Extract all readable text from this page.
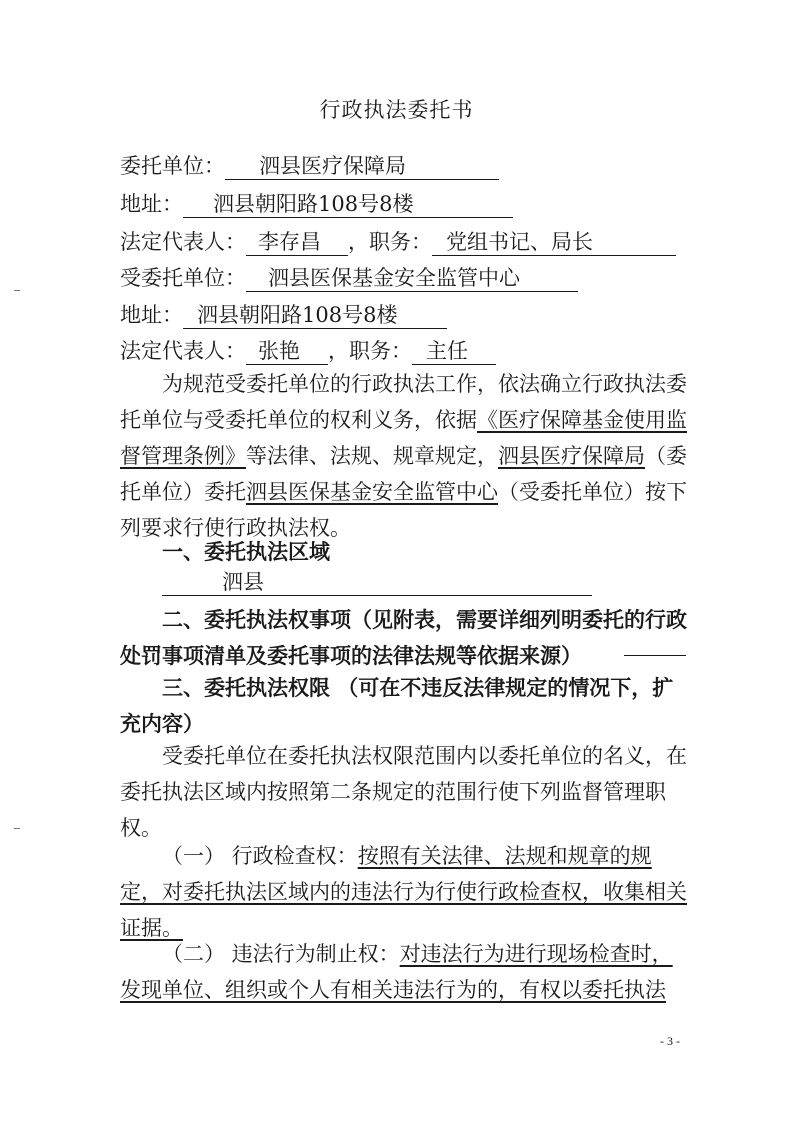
行政执法委托书
委托单位： 泗县医疗保障局
地址： 泗县朝阳路108号8楼
法定代表人： 李存昌 ，职务： 党组书记、局长
受委托单位： 泗县医保基金安全监管中心
地址： 泗县朝阳路108号8楼
法定代表人： 张艳 ，职务： 主任
为规范受委托单位的行政执法工作，依法确立行政执法委托单位与受委托单位的权利义务，依据《医疗保障基金使用监督管理条例》等法律、法规、规章规定，泗县医疗保障局（委托单位）委托泗县医保基金安全监管中心（受委托单位）按下列要求行使行政执法权。
一、委托执法区域
泗县
二、委托执法权事项（见附表，需要详细列明委托的行政处罚事项清单及委托事项的法律法规等依据来源）
三、委托执法权限 （可在不违反法律规定的情况下，扩充内容）
受委托单位在委托执法权限范围内以委托单位的名义，在委托执法区域内按照第二条规定的范围行使下列监督管理职权。
（一） 行政检查权：按照有关法律、法规和规章的规定，对委托执法区域内的违法行为行使行政检查权，收集相关证据。
（二） 违法行为制止权：对违法行为进行现场检查时，发现单位、组织或个人有相关违法行为的，有权以委托执法
- 3 -
